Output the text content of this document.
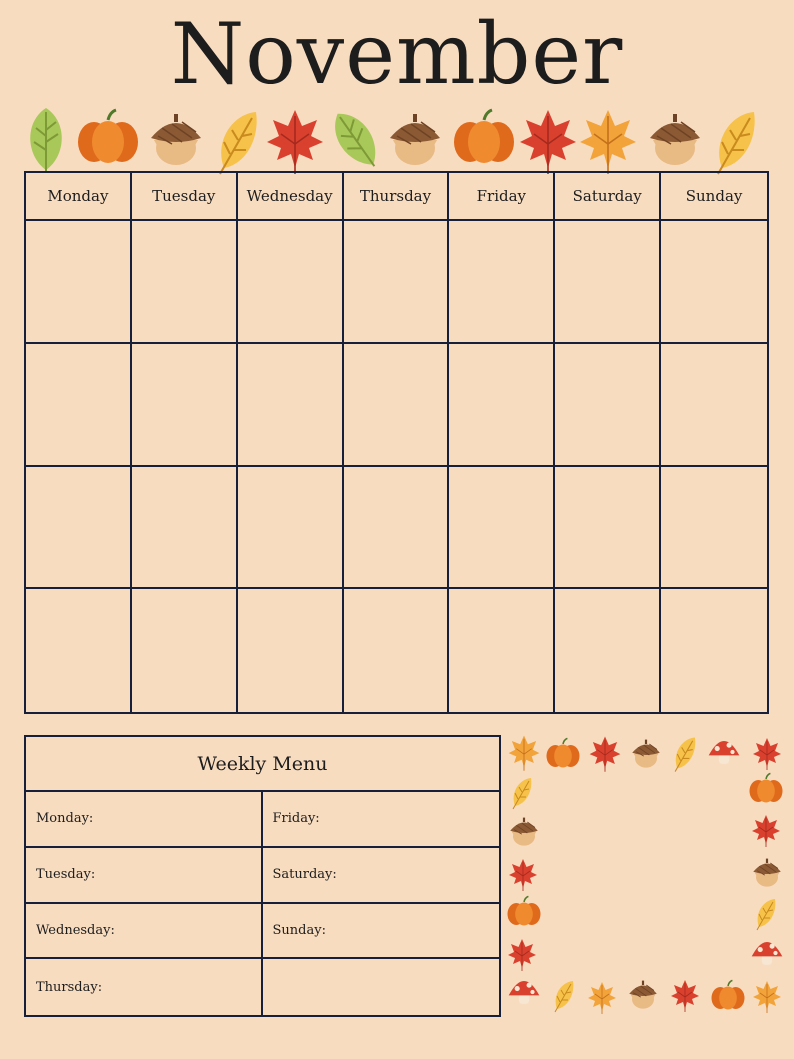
November
Monday	Tuesday	Wednesday	Thursday	Friday	Saturday	Sunday
Weekly Menu
Monday:	Friday:
Tuesday:	Saturday:
Wednesday:	Sunday:
Thursday:
